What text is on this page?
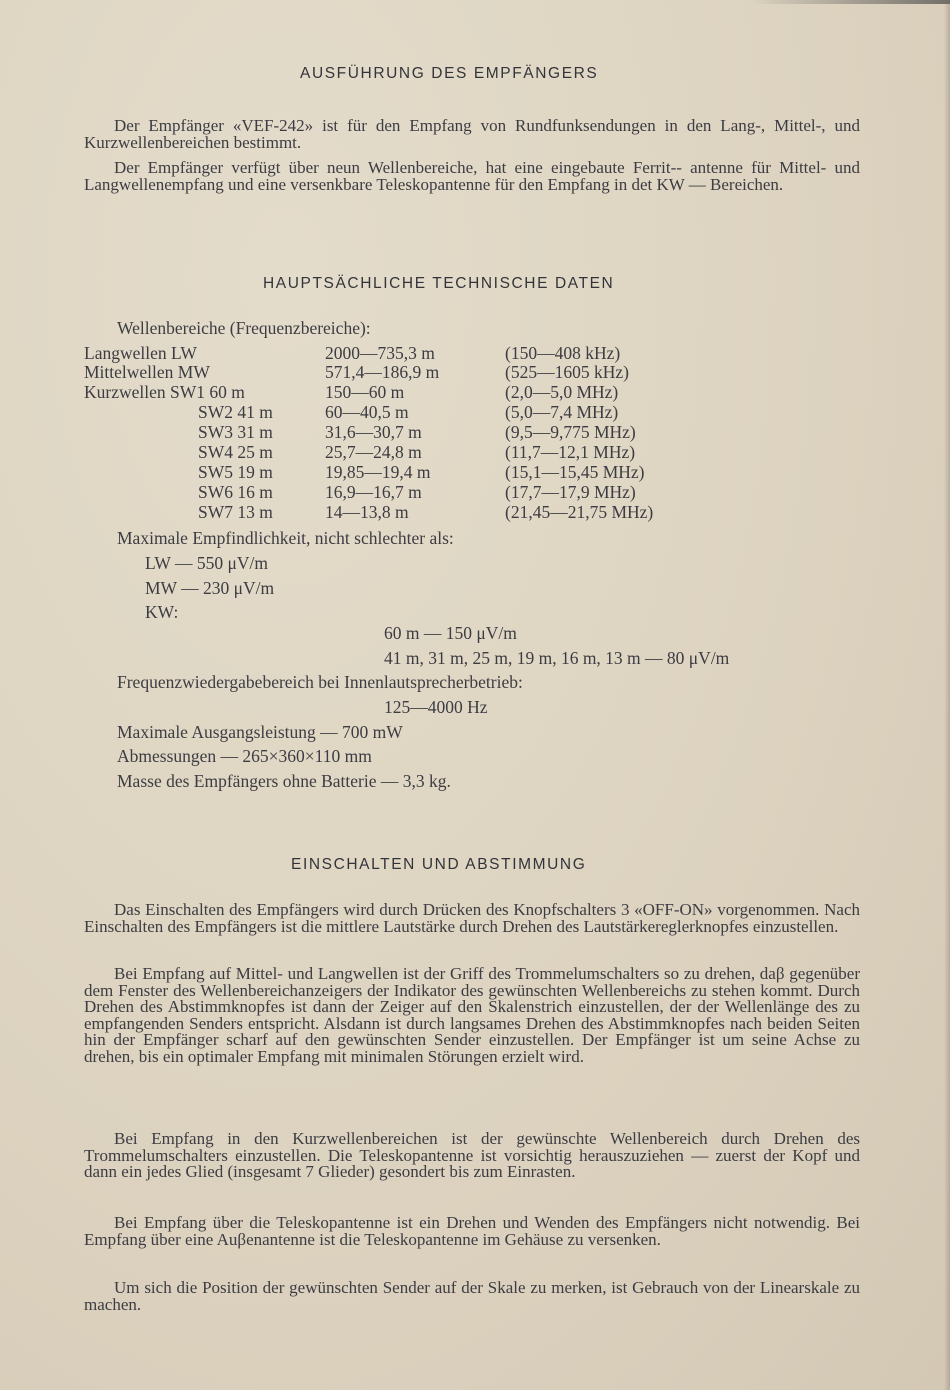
AUSFÜHRUNG DES EMPFÄNGERS

Der Empfänger «VEF-242» ist für den Empfang von Rundfunksendungen in den Lang-, Mittel-, und Kurzwellenbereichen bestimmt.

Der Empfänger verfügt über neun Wellenbereiche, hat eine eingebaute Ferrit-- antenne für Mittel- und Langwellenempfang und eine versenkbare Teleskopantenne für den Empfang in det KW — Bereichen.

HAUPTSÄCHLICHE TECHNISCHE DATEN
Wellenbereiche (Frequenzbereiche):
Langwellen LW	2000—735,3 m	(150—408 kHz)
Mittelwellen MW	571,4—186,9 m	(525—1605 kHz)
Kurzwellen SW1 60 m	150—60 m	(2,0—5,0 MHz)
SW2 41 m	60—40,5 m	(5,0—7,4 MHz)
SW3 31 m	31,6—30,7 m	(9,5—9,775 MHz)
SW4 25 m	25,7—24,8 m	(11,7—12,1 MHz)
SW5 19 m	19,85—19,4 m	(15,1—15,45 MHz)
SW6 16 m	16,9—16,7 m	(17,7—17,9 MHz)
SW7 13 m	14—13,8 m	(21,45—21,75 MHz)
Maximale Empfindlichkeit, nicht schlechter als:
LW — 550 μV/m
MW — 230 μV/m
KW:
60 m — 150 μV/m
41 m, 31 m, 25 m, 19 m, 16 m, 13 m — 80 μV/m
Frequenzwiedergabebereich bei Innenlautsprecherbetrieb:
125—4000 Hz
Maximale Ausgangsleistung — 700 mW
Abmessungen — 265×360×110 mm
Masse des Empfängers ohne Batterie — 3,3 kg.
EINSCHALTEN UND ABSTIMMUNG

Das Einschalten des Empfängers wird durch Drücken des Knopfschalters 3 «OFF-ON» vorgenommen. Nach Einschalten des Empfängers ist die mittlere Lautstärke durch Drehen des Lautstärkereglerknopfes einzustellen.

Bei Empfang auf Mittel- und Langwellen ist der Griff des Trommelumschalters so zu drehen, daβ gegenüber dem Fenster des Wellenbereichanzeigers der Indikator des gewünschten Wellenbereichs zu stehen kommt. Durch Drehen des Abstimmknopfes ist dann der Zeiger auf den Skalenstrich einzustellen, der der Wellenlänge des zu empfangenden Senders entspricht. Alsdann ist durch langsames Drehen des Abstimmknopfes nach beiden Seiten hin der Empfänger scharf auf den gewünschten Sender einzustellen. Der Empfänger ist um seine Achse zu drehen, bis ein optimaler Empfang mit minimalen Störungen erzielt wird.

Bei Empfang in den Kurzwellenbereichen ist der gewünschte Wellenbereich durch Drehen des Trommelumschalters einzustellen. Die Teleskopantenne ist vorsichtig herauszuziehen — zuerst der Kopf und dann ein jedes Glied (insgesamt 7 Glieder) gesondert bis zum Einrasten.

Bei Empfang über die Teleskopantenne ist ein Drehen und Wenden des Empfängers nicht notwendig. Bei Empfang über eine Auβenantenne ist die Teleskopantenne im Gehäuse zu versenken.

Um sich die Position der gewünschten Sender auf der Skale zu merken, ist Gebrauch von der Linearskale zu machen.
